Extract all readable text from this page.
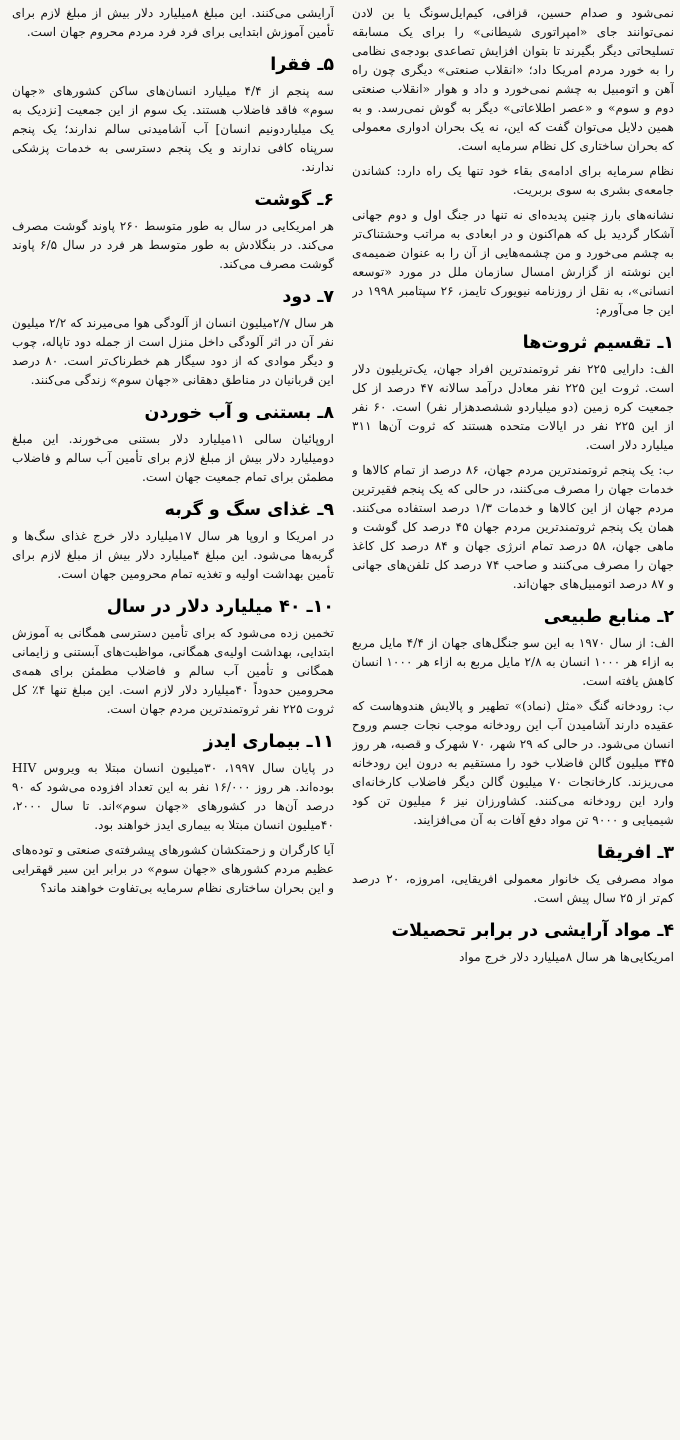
نمی‌شود و صدام حسین، قزافی، کیم‌ایل‌سونگ یا بن لادن نمی‌توانند جای «امپراتوری شیطانی» را برای یک مسابقه تسلیحاتی دیگر بگیرند تا بتوان افزایش تصاعدی بودجه‌ی نظامی را به خورد مردم امریکا داد؛ «انقلاب صنعتی» دیگری چون راه آهن و اتومبیل به چشم نمی‌خورد و داد و هوار «انقلاب صنعتی دوم و سوم» و «عصر اطلاعاتی» دیگر به گوش نمی‌رسد. و به همین دلایل می‌توان گفت که این، نه یک بحران ادواری معمولی که بحران ساختاری کل نظام سرمایه است.

نظام سرمایه برای ادامه‌ی بقاء خود تنها یک راه دارد: کشاندن جامعه‌ی بشری به سوی بربریت.

نشانه‌های بارز چنین پدیده‌ای نه تنها در جنگ اول و دوم جهانی آشکار گردید بل که هم‌اکنون و در ابعادی به مراتب وحشتناک‌تر به چشم می‌خورد و من چشمه‌هایی از آن را به عنوان ضمیمه‌ی این نوشته از گزارش امسال سازمان ملل در مورد «توسعه انسانی»، به نقل از روزنامه نیویورک تایمز، ۲۶ سپتامبر ۱۹۹۸ در این جا می‌آورم:

۱ـ تقسیم ثروت‌ها

الف: دارایی ۲۲۵ نفر ثروتمندترین افراد جهان، یک‌تریلیون دلار است. ثروت این ۲۲۵ نفر معادل درآمد سالانه ۴۷ درصد از کل جمعیت کره زمین (دو میلیاردو ششصدهزار نفر) است. ۶۰ نفر از این ۲۲۵ نفر در ایالات متحده هستند که ثروت آن‌ها ۳۱۱ میلیارد دلار است.

ب: یک پنجم ثروتمندترین مردم جهان، ۸۶ درصد از تمام کالاها و خدمات جهان را مصرف می‌کنند، در حالی که یک پنجم فقیرترین مردم جهان از این کالاها و خدمات ۱/۳ درصد استفاده می‌کنند. همان یک پنجم ثروتمندترین مردم جهان ۴۵ درصد کل گوشت و ماهی جهان، ۵۸ درصد تمام انرژی جهان و ۸۴ درصد کل کاغذ جهان را مصرف می‌کنند و صاحب ۷۴ درصد کل تلفن‌های جهانی و ۸۷ درصد اتومبیل‌های جهان‌اند.

۲ـ منابع طبیعی

الف: از سال ۱۹۷۰ به این سو جنگل‌های جهان از ۴/۴ مایل مربع به ازاء هر ۱۰۰۰ انسان به ۲/۸ مایل مربع به ازاء هر ۱۰۰۰ انسان کاهش یافته است.

ب: رودخانه گنگ «مثل (نماد)» تطهیر و پالایش هندوهاست که عقیده دارند آشامیدن آب این رودخانه موجب نجات جسم وروح انسان می‌شود. در حالی که ۲۹ شهر، ۷۰ شهرک و قصبه، هر روز ۳۴۵ میلیون گالن فاضلاب خود را مستقیم به درون این رودخانه می‌ریزند. کارخانجات ۷۰ میلیون گالن دیگر فاضلاب کارخانه‌ای وارد این رودخانه می‌کنند. کشاورزان نیز ۶ میلیون تن کود شیمیایی و ۹۰۰۰ تن مواد دفع آفات به آن می‌افزایند.

۳ـ افریقا

مواد مصرفی یک خانوار معمولی افریقایی، امروزه، ۲۰ درصد کم‌تر از ۲۵ سال پیش است.

۴ـ مواد آرایشی در برابر تحصیلات

امریکایی‌ها هر سال ۸میلیارد دلار خرج مواد

آرایشی می‌کنند. این مبلغ ۸میلیارد دلار بیش از مبلغ لازم برای تأمین آموزش ابتدایی برای فرد فرد مردم محروم جهان است.

۵ـ فقرا

سه پنجم از ۴/۴ میلیارد انسان‌های ساکن کشورهای «جهان سوم» فاقد فاضلاب هستند. یک سوم از این جمعیت [نزدیک به یک میلیاردونیم انسان] آب آشامیدنی سالم ندارند؛ یک پنجم سرپناه کافی ندارند و یک پنجم دسترسی به خدمات پزشکی ندارند.

۶ـ گوشت

هر امریکایی در سال به طور متوسط ۲۶۰ پاوند گوشت مصرف می‌کند. در بنگلادش به طور متوسط هر فرد در سال ۶/۵ پاوند گوشت مصرف می‌کند.

۷ـ دود

هر سال ۲/۷میلیون انسان از آلودگی هوا می‌میرند که ۲/۲ میلیون نفر آن در اثر آلودگی داخل منزل است از جمله دود تاپاله، چوب و دیگر موادی که از دود سیگار هم خطرناک‌تر است. ۸۰ درصد این قربانیان در مناطق دهقانی «جهان سوم» زندگی می‌کنند.

۸ـ بستنی و آب خوردن

اروپائیان سالی ۱۱میلیارد دلار بستنی می‌خورند. این مبلغ دومیلیارد دلار بیش از مبلغ لازم برای تأمین آب سالم و فاضلاب مطمئن برای تمام جمعیت جهان است.

۹ـ غذای سگ و گربه

در امریکا و اروپا هر سال ۱۷میلیارد دلار خرج غذای سگ‌ها و گربه‌ها می‌شود. این مبلغ ۴میلیارد دلار بیش از مبلغ لازم برای تأمین بهداشت اولیه و تغذیه تمام محرومین جهان است.

۱۰ـ ۴۰ میلیارد دلار در سال

تخمین زده می‌شود که برای تأمین دسترسی همگانی به آموزش ابتدایی، بهداشت اولیه‌ی همگانی، مواظبت‌های آبستنی و زایمانی همگانی و تأمین آب سالم و فاضلاب مطمئن برای همه‌ی محرومین حدوداً ۴۰میلیارد دلار لازم است. این مبلغ تنها ۴٪ کل ثروت ۲۲۵ نفر ثروتمندترین مردم جهان است.

۱۱ـ بیماری ایدز

در پایان سال ۱۹۹۷، ۳۰میلیون انسان مبتلا به ویروس HIV بوده‌اند. هر روز ۱۶/۰۰۰ نفر به این تعداد افزوده می‌شود که ۹۰ درصد آن‌ها در کشورهای «جهان سوم»اند. تا سال ۲۰۰۰، ۴۰میلیون انسان مبتلا به بیماری ایدز خواهند بود.

آیا کارگران و زحمتکشان کشورهای پیشرفته‌ی صنعتی و توده‌های عظیم مردم کشورهای «جهان سوم» در برابر این سیر قهقرایی و این بحران ساختاری نظام سرمایه بی‌تفاوت خواهند ماند؟
